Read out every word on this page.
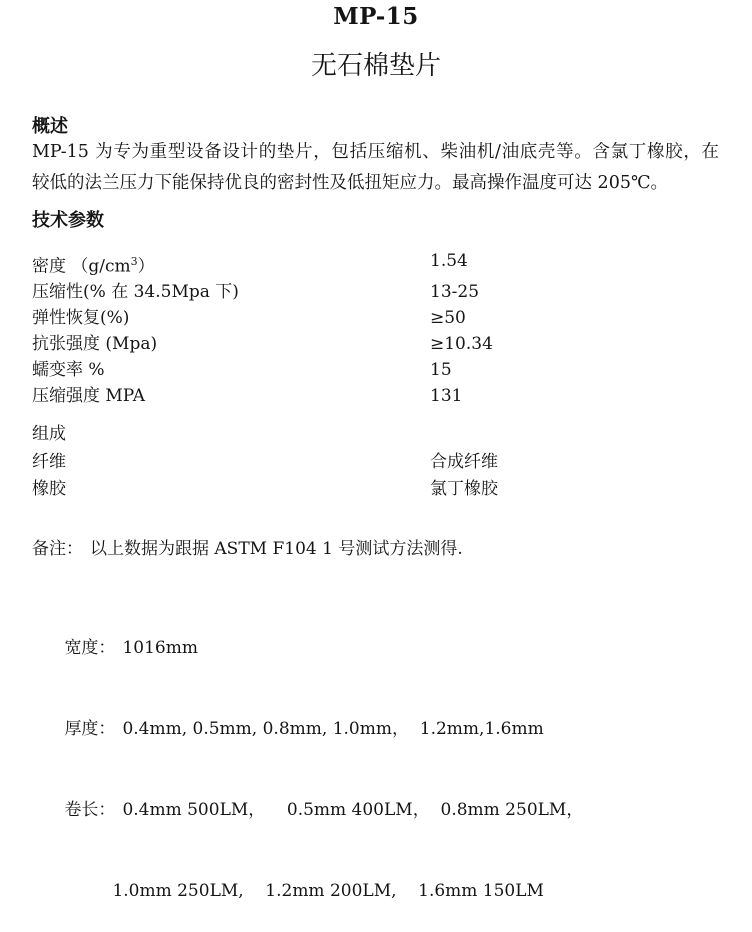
MP-15
无石棉垫片
概述
MP-15 为专为重型设备设计的垫片，包括压缩机、柴油机/油底壳等。含氯丁橡胶，在
较低的法兰压力下能保持优良的密封性及低扭矩应力。最高操作温度可达 205℃。
技术参数
密度 $(g/cm^3)$	1.54
压缩性(% 在 34.5Mpa 下)	13-25
弹性恢复(%)	≥50
抗张强度 (Mpa)	≥10.34
蠕变率 %	15
压缩强度 MPA	131
组成
纤维	合成纤维
橡胶	氯丁橡胶
备注： 以上数据为跟据 ASTM F104 1 号测试方法测得.

宽度： 1016mm

厚度： 0.4mm, 0.5mm, 0.8mm, 1.0mm，  1.2mm,1.6mm

卷长： 0.4mm 500LM，    0.5mm 400LM，  0.8mm 250LM，

1.0mm 250LM,    1.2mm 200LM,    1.6mm 150LM
